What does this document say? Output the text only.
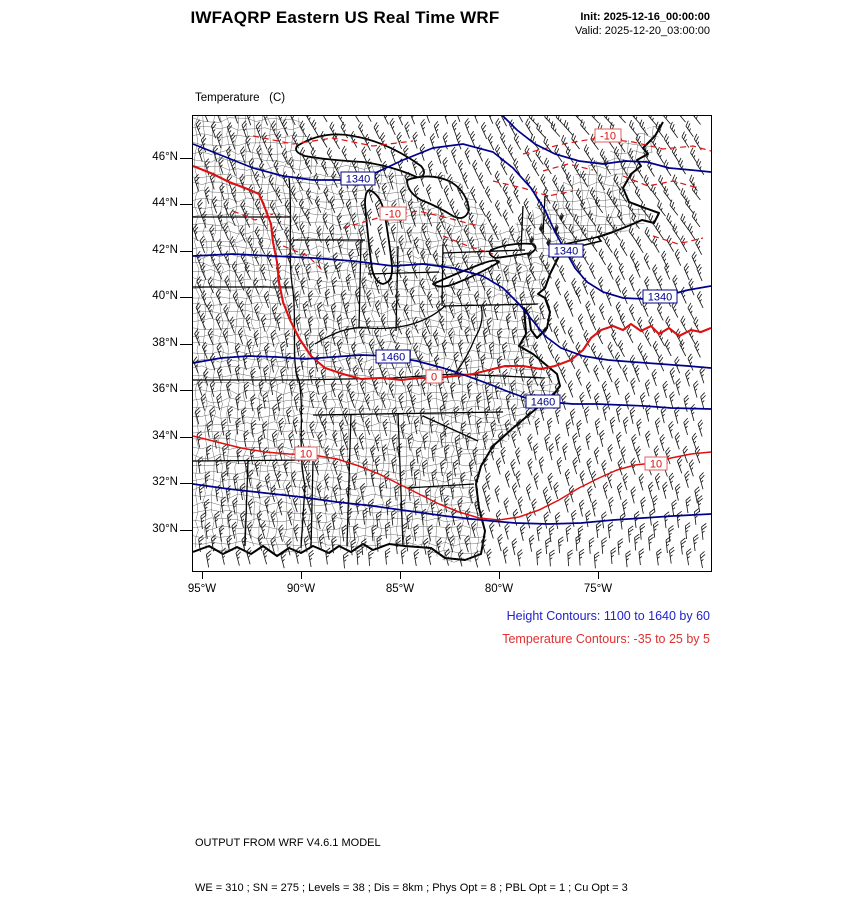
IWFAQRP Eastern US Real Time WRF	Init: 2025-12-16_00:00:00
Valid: 2025-12-20_03:00:00

Temperature   (C)

46°N
44°N
42°N
40°N
38°N
36°N
34°N
32°N
30°N
95°W	90°W	85°W	80°W	75°W
1340
1340
1340
1460
1460
-10
-10
0
10
10
Height Contours: 1100 to 1640 by 60
Temperature Contours: -35 to 25 by 5

OUTPUT FROM WRF V4.6.1 MODEL

WE = 310 ; SN = 275 ; Levels = 38 ; Dis = 8km ; Phys Opt = 8 ; PBL Opt = 1 ; Cu Opt = 3
